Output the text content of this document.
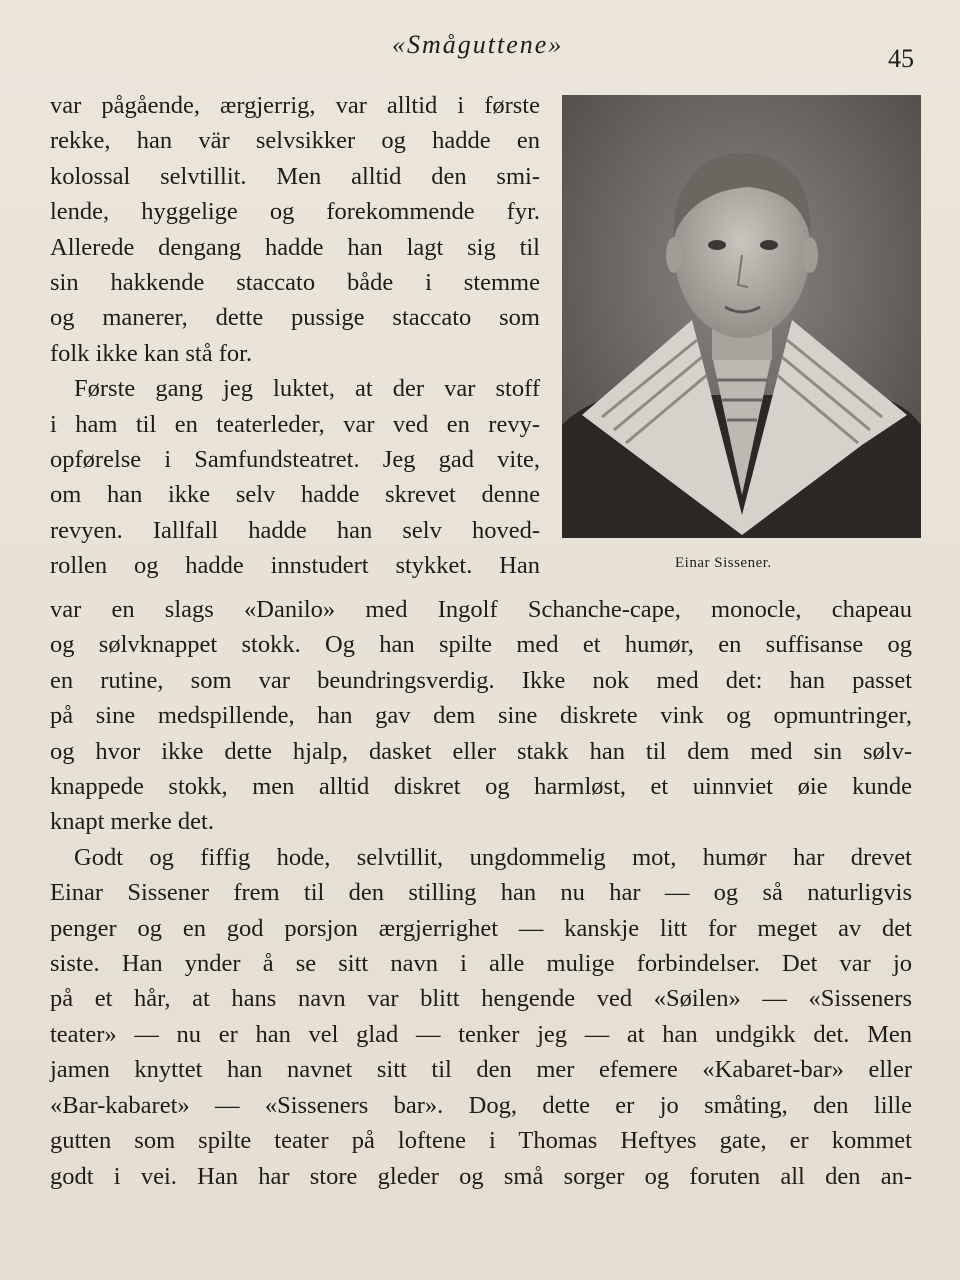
«Småguttene»	45
var pågående, ærgjerrig, var alltid i første
rekke, han vär selvsikker og hadde en
kolossal selvtillit. Men alltid den smi-
lende, hyggelige og forekommende fyr.
Allerede dengang hadde han lagt sig til
sin hakkende staccato både i stemme
og manerer, dette pussige staccato som
folk ikke kan stå for.
Første gang jeg luktet, at der var stoff
i ham til en teaterleder, var ved en revy-
opførelse i Samfundsteatret. Jeg gad vite,
om han ikke selv hadde skrevet denne
revyen. Iallfall hadde han selv hoved-
rollen og hadde innstudert stykket. Han	Einar Sissener.
var en slags «Danilo» med Ingolf Schanche-cape, monocle, chapeau
og sølvknappet stokk. Og han spilte med et humør, en suffisanse og
en rutine, som var beundringsverdig. Ikke nok med det: han passet
på sine medspillende, han gav dem sine diskrete vink og opmuntringer,
og hvor ikke dette hjalp, dasket eller stakk han til dem med sin sølv-
knappede stokk, men alltid diskret og harmløst, et uinnviet øie kunde
knapt merke det.
Godt og fiffig hode, selvtillit, ungdommelig mot, humør har drevet
Einar Sissener frem til den stilling han nu har — og så naturligvis
penger og en god porsjon ærgjerrighet — kanskje litt for meget av det
siste. Han ynder å se sitt navn i alle mulige forbindelser. Det var jo
på et hår, at hans navn var blitt hengende ved «Søilen» — «Sisseners
teater» — nu er han vel glad — tenker jeg — at han undgikk det. Men
jamen knyttet han navnet sitt til den mer efemere «Kabaret-bar» eller
«Bar-kabaret» — «Sisseners bar». Dog, dette er jo småting, den lille
gutten som spilte teater på loftene i Thomas Heftyes gate, er kommet
godt i vei. Han har store gleder og små sorger og foruten all den an-
